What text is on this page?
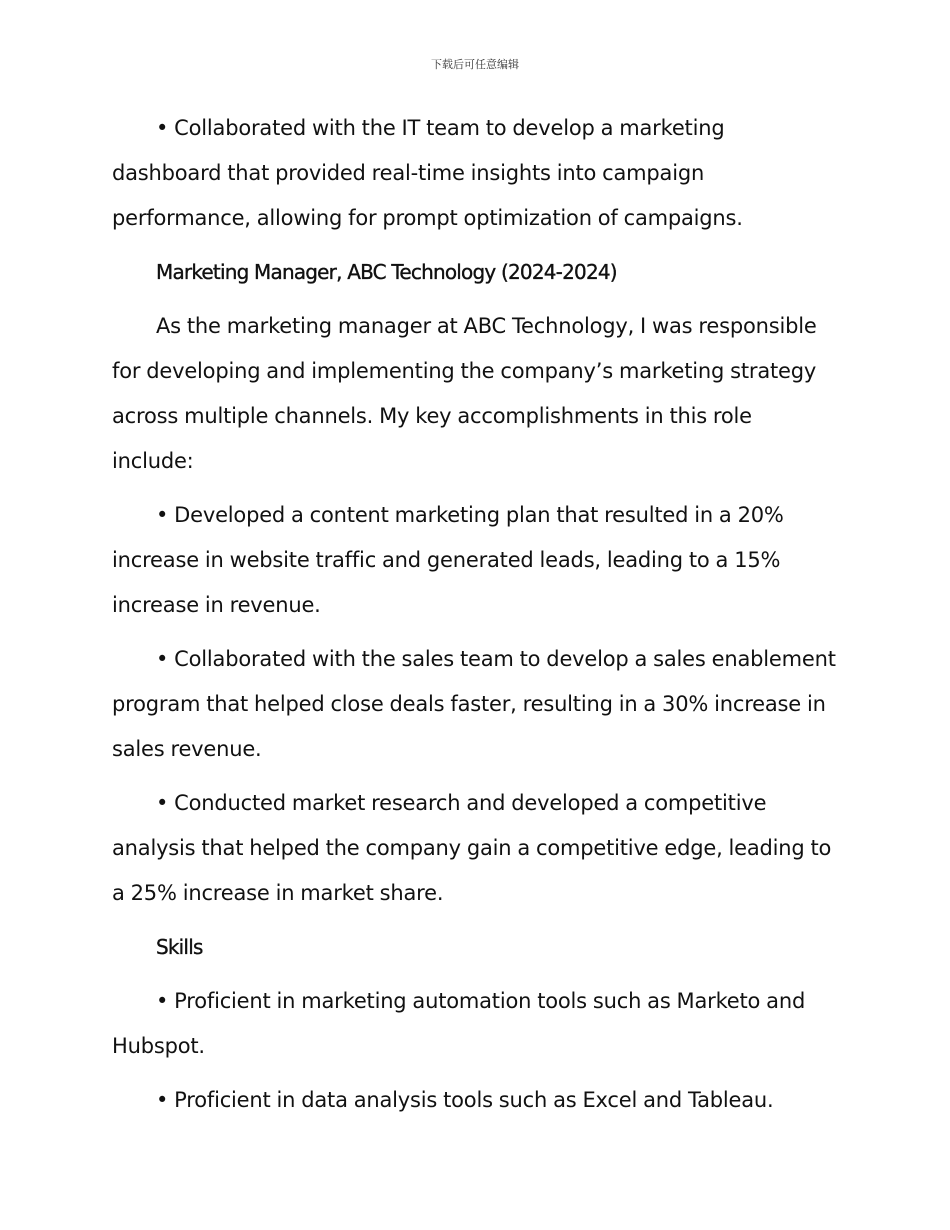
下载后可任意编辑

• Collaborated with the IT team to develop a marketing dashboard that provided real-time insights into campaign performance, allowing for prompt optimization of campaigns.

Marketing Manager, ABC Technology (2024-2024)

As the marketing manager at ABC Technology, I was responsible for developing and implementing the company’s marketing strategy across multiple channels. My key accomplishments in this role include:

• Developed a content marketing plan that resulted in a 20% increase in website traffic and generated leads, leading to a 15% increase in revenue.

• Collaborated with the sales team to develop a sales enablement program that helped close deals faster, resulting in a 30% increase in sales revenue.

• Conducted market research and developed a competitive analysis that helped the company gain a competitive edge, leading to a 25% increase in market share.

Skills

• Proficient in marketing automation tools such as Marketo and Hubspot.

• Proficient in data analysis tools such as Excel and Tableau.
